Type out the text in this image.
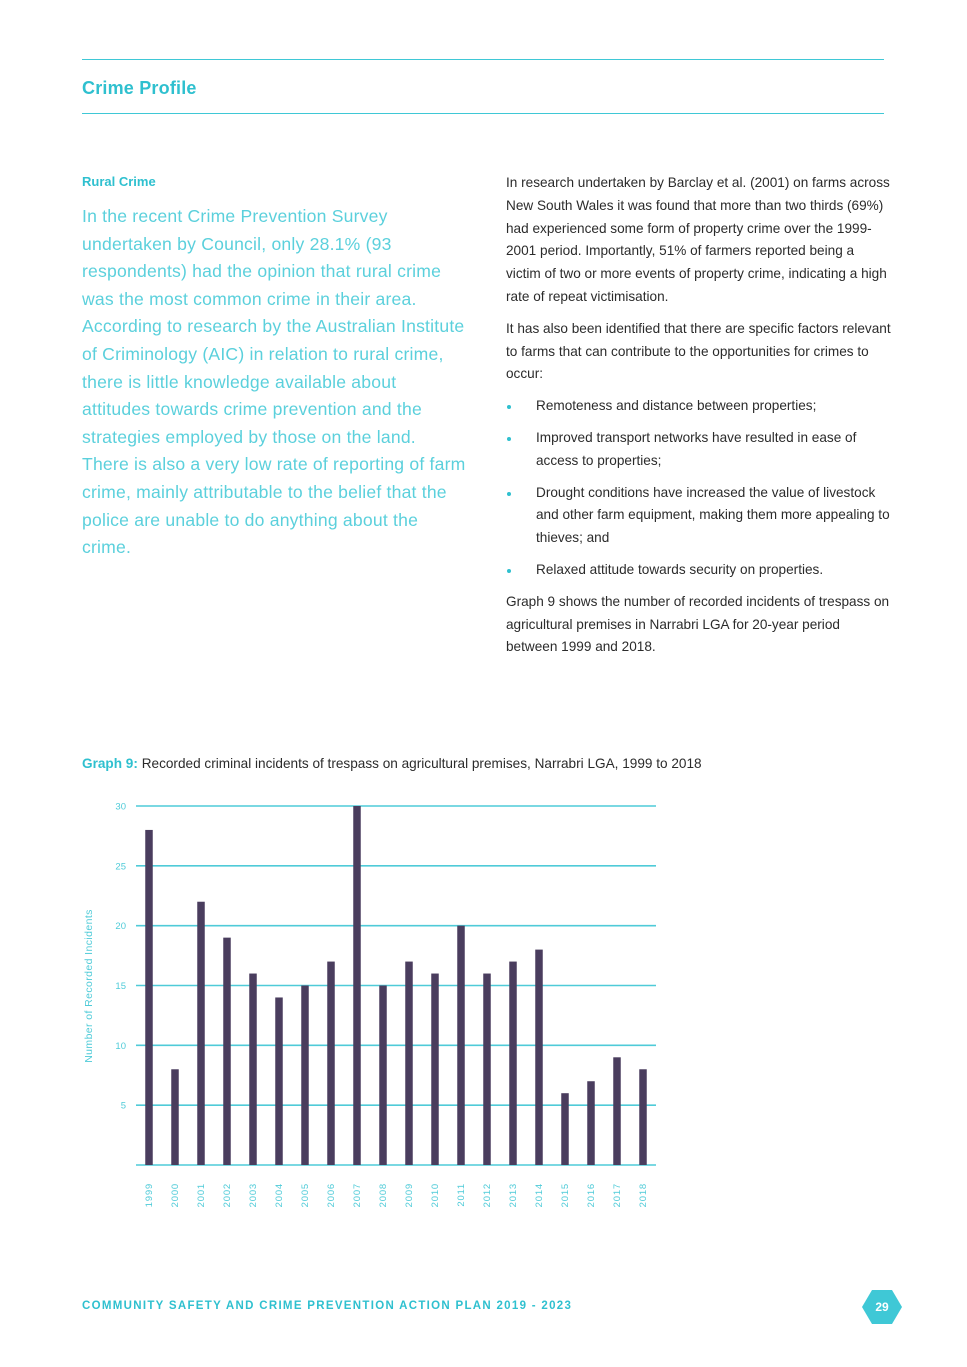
Crime Profile
Rural Crime

In the recent Crime Prevention Survey undertaken by Council, only 28.1% (93 respondents) had the opinion that rural crime was the most common crime in their area. According to research by the Australian Institute of Criminology (AIC) in relation to rural crime, there is little knowledge available about attitudes towards crime prevention and the strategies employed by those on the land. There is also a very low rate of reporting of farm crime, mainly attributable to the belief that the police are unable to do anything about the crime.

In research undertaken by Barclay et al. (2001) on farms across New South Wales it was found that more than two thirds (69%) had experienced some form of property crime over the 1999-2001 period. Importantly, 51% of farmers reported being a victim of two or more events of property crime, indicating a high rate of repeat victimisation.

It has also been identified that there are specific factors relevant to farms that can contribute to the opportunities for crimes to occur:

Remoteness and distance between properties;
Improved transport networks have resulted in ease of access to properties;
Drought conditions have increased the value of livestock and other farm equipment, making them more appealing to thieves; and
Relaxed attitude towards security on properties.

Graph 9 shows the number of recorded incidents of trespass on agricultural premises in Narrabri LGA for 20-year period between 1999 and 2018.

Graph 9: Recorded criminal incidents of trespass on agricultural premises, Narrabri LGA, 1999 to 2018

5
10
15
20
25
30
1999 2000 2001 2002 2003 2004 2005 2006 2007 2008 2009 2010 2011 2012 2013 2014 2015 2016 2017 2018
Number of Recorded Incidents
COMMUNITY SAFETY AND CRIME PREVENTION ACTION PLAN 2019 - 2023	29
